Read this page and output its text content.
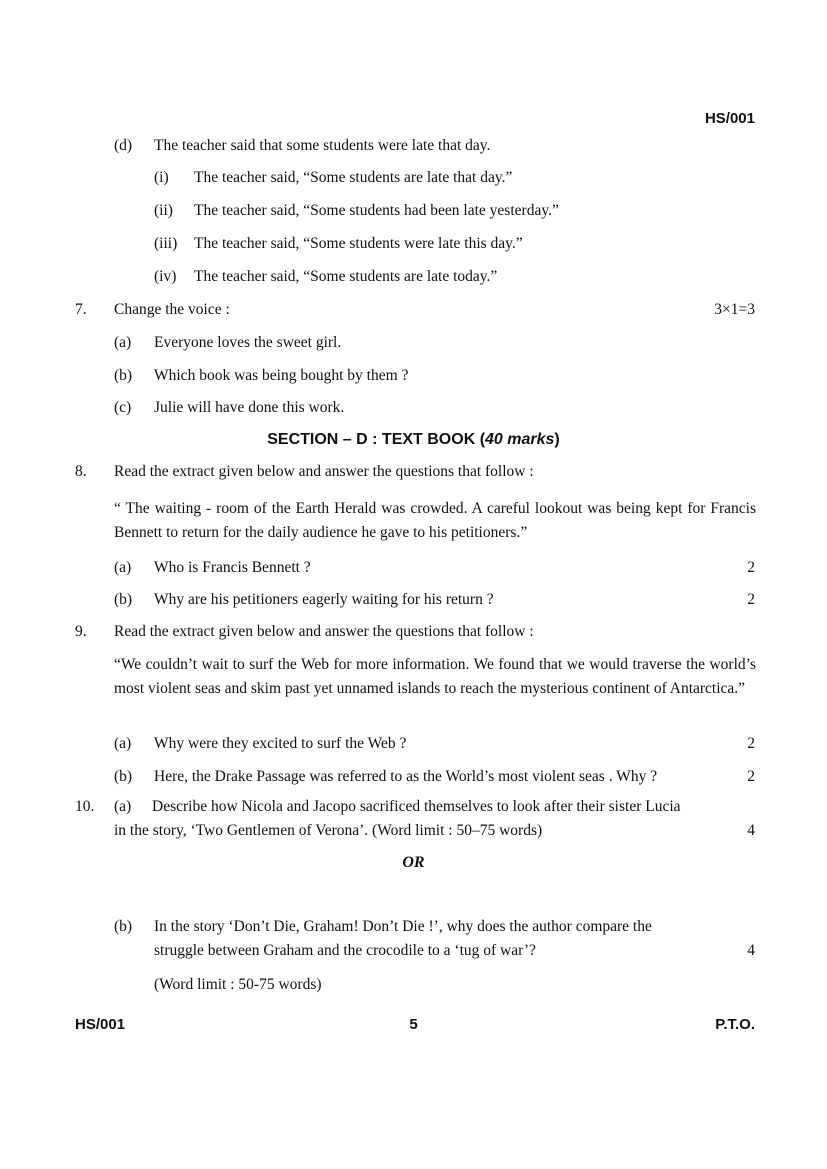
HS/001
(d) The teacher said that some students were late that day.
(i) The teacher said, “Some students are late that day.”
(ii) The teacher said, “Some students had been late yesterday.”
(iii) The teacher said, “Some students were late this day.”
(iv) The teacher said, “Some students are late today.”
7. Change the voice :	3×1=3
(a) Everyone loves the sweet girl.
(b) Which book was being bought by them ?
(c) Julie will have done this work.
SECTION – D : TEXT BOOK (40 marks)
8. Read the extract given below and answer the questions that follow :
“ The waiting - room of the Earth Herald was crowded. A careful lookout was being kept for Francis Bennett to return for the daily audience he gave to his petitioners.”
(a) Who is Francis Bennett ?	2
(b) Why are his petitioners eagerly waiting for his return ?	2
9. Read the extract given below and answer the questions that follow :
“We couldn’t wait to surf the Web for more information. We found that we would traverse the world’s most violent seas and skim past yet unnamed islands to reach the mysterious continent of Antarctica.”
(a) Why were they excited to surf the Web ?	2
(b) Here, the Drake Passage was referred to as the World’s most violent seas . Why ?	2
10. (a) Describe how Nicola and Jacopo sacrificed themselves to look after their sister Lucia
in the story, ‘Two Gentlemen of Verona’. (Word limit : 50–75 words)	4
OR
(b) In the story ‘Don’t Die, Graham! Don’t Die !’, why does the author compare the
struggle between Graham and the crocodile to a ‘tug of war’?	4
(Word limit : 50-75 words)
HS/001	5	P.T.O.
